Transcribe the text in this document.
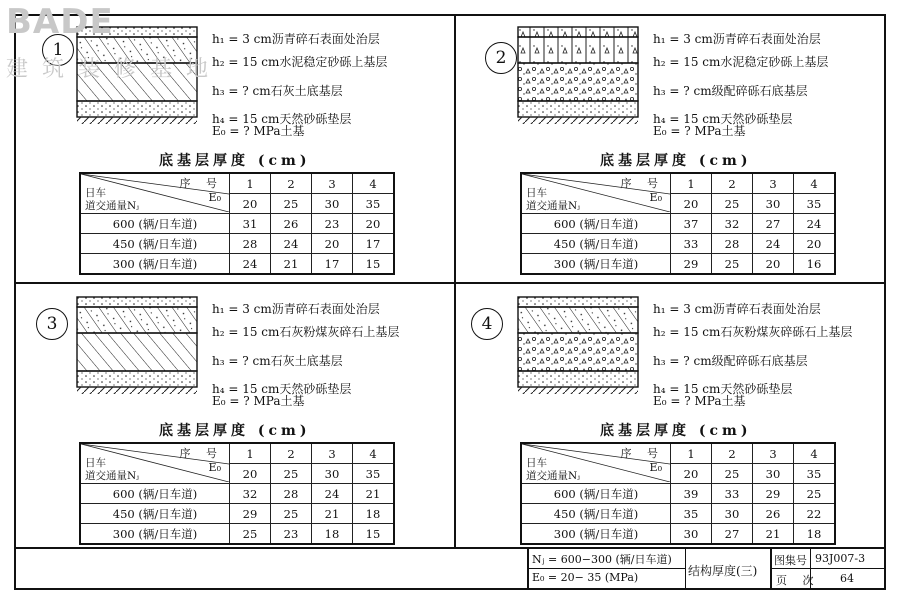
1
h₁ = 3 cm沥青碎石表面处治层
h₂ = 15 cm水泥稳定砂砾上基层
h₃ = ? cm石灰土底基层
h₄ = 15 cm天然砂砾垫层
E₀ = ? MPa土基
底基层厚度 (cm)
序 号
E₀
日车
道交通量Nⱼ	1	2	3	4
	20	25	30	35
600 (辆/日车道)	31	26	23	20
450 (辆/日车道)	28	24	20	17
300 (辆/日车道)	24	21	17	15
2
h₁ = 3 cm沥青碎石表面处治层
h₂ = 15 cm水泥稳定砂砾上基层
h₃ = ? cm级配碎砾石底基层
h₄ = 15 cm天然砂砾垫层
E₀ = ? MPa土基
底基层厚度 (cm)
序 号
E₀
日车
道交通量Nⱼ	1	2	3	4
	20	25	30	35
600 (辆/日车道)	37	32	27	24
450 (辆/日车道)	33	28	24	20
300 (辆/日车道)	29	25	20	16
3
h₁ = 3 cm沥青碎石表面处治层
h₂ = 15 cm石灰粉煤灰碎石上基层
h₃ = ? cm石灰土底基层
h₄ = 15 cm天然砂砾垫层
E₀ = ? MPa土基
底基层厚度 (cm)
序 号
E₀
日车
道交通量Nⱼ	1	2	3	4
	20	25	30	35
600 (辆/日车道)	32	28	24	21
450 (辆/日车道)	29	25	21	18
300 (辆/日车道)	25	23	18	15
4
h₁ = 3 cm沥青碎石表面处治层
h₂ = 15 cm石灰粉煤灰碎砾石上基层
h₃ = ? cm级配碎砾石底基层
h₄ = 15 cm天然砂砾垫层
E₀ = ? MPa土基
底基层厚度 (cm)
序 号
E₀
日车
道交通量Nⱼ	1	2	3	4
	20	25	30	35
600 (辆/日车道)	39	33	29	25
450 (辆/日车道)	35	30	26	22
300 (辆/日车道)	30	27	21	18
BADE
建筑装修基地
Nⱼ = 600−300 (辆/日车道)
E₀ = 20− 35 (MPa)	结构厚度(三)
图集号 93J007-3
页 次 64
